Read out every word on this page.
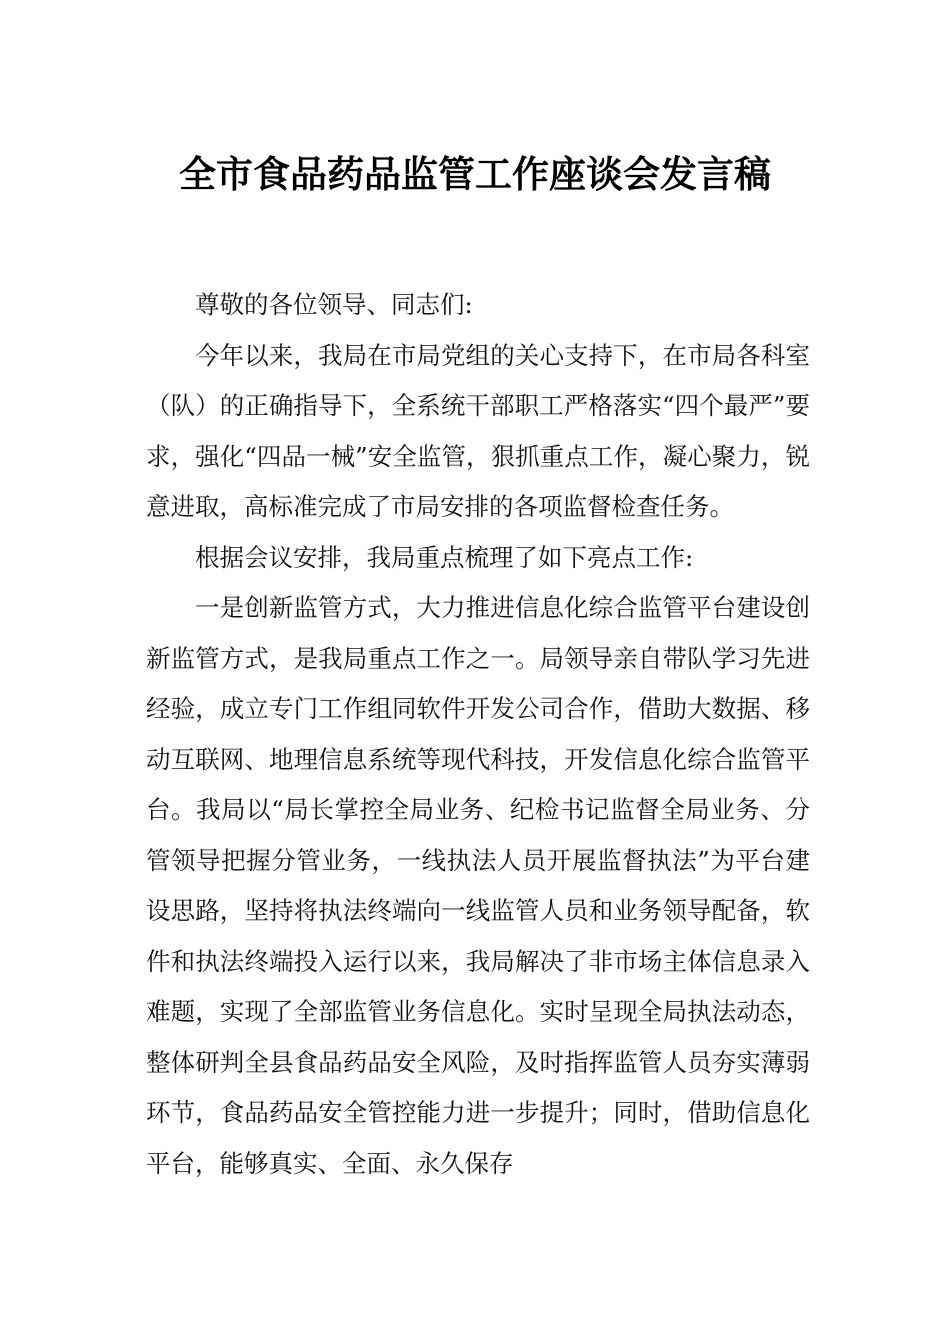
全市食品药品监管工作座谈会发言稿

尊敬的各位领导、同志们:

今年以来，我局在市局党组的关心支持下，在市局各科室（队）的正确指导下，全系统干部职工严格落实“四个最严”要求，强化“四品一械”安全监管，狠抓重点工作，凝心聚力，锐意进取，高标准完成了市局安排的各项监督检查任务。

根据会议安排，我局重点梳理了如下亮点工作:

一是创新监管方式，大力推进信息化综合监管平台建设创新监管方式，是我局重点工作之一。局领导亲自带队学习先进经验，成立专门工作组同软件开发公司合作，借助大数据、移动互联网、地理信息系统等现代科技，开发信息化综合监管平台。我局以“局长掌控全局业务、纪检书记监督全局业务、分管领导把握分管业务，一线执法人员开展监督执法”为平台建设思路，坚持将执法终端向一线监管人员和业务领导配备，软件和执法终端投入运行以来，我局解决了非市场主体信息录入难题，实现了全部监管业务信息化。实时呈现全局执法动态，整体研判全县食品药品安全风险，及时指挥监管人员夯实薄弱环节，食品药品安全管控能力进一步提升；同时，借助信息化平台，能够真实、全面、永久保存
